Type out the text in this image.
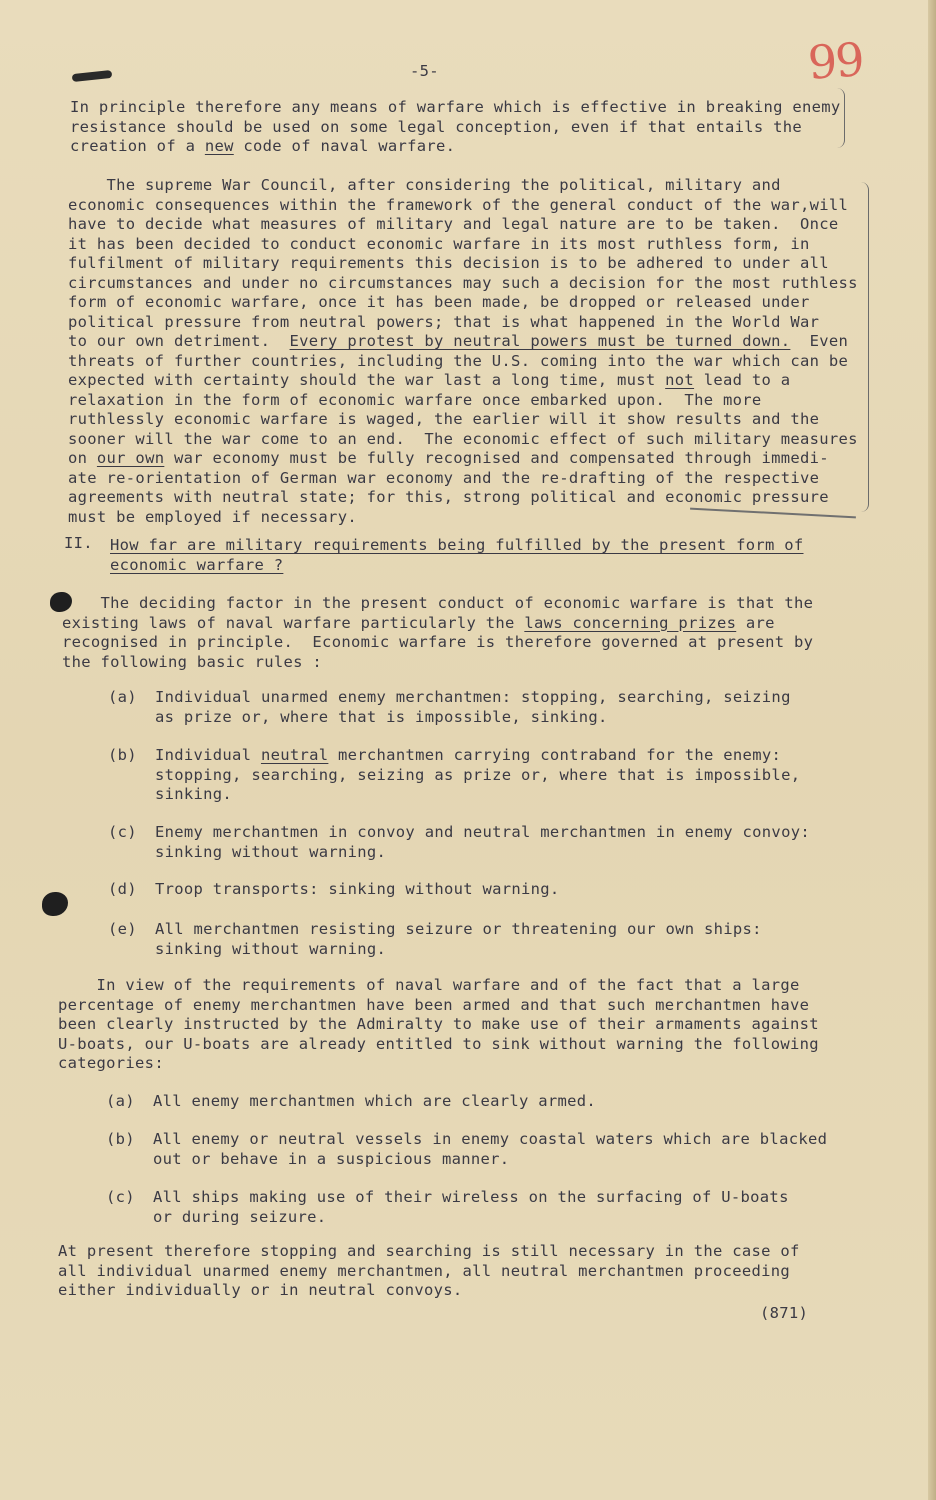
99
-5-
In principle therefore any means of warfare which is effective in breaking enemy
resistance should be used on some legal conception, even if that entails the
creation of a new code of naval warfare.
The supreme War Council, after considering the political, military and
economic consequences within the framework of the general conduct of the war,will
have to decide what measures of military and legal nature are to be taken.  Once
it has been decided to conduct economic warfare in its most ruthless form, in
fulfilment of military requirements this decision is to be adhered to under all
circumstances and under no circumstances may such a decision for the most ruthless
form of economic warfare, once it has been made, be dropped or released under
political pressure from neutral powers; that is what happened in the World War
to our own detriment.  Every protest by neutral powers must be turned down.  Even
threats of further countries, including the U.S. coming into the war which can be
expected with certainty should the war last a long time, must not lead to a
relaxation in the form of economic warfare once embarked upon.  The more
ruthlessly economic warfare is waged, the earlier will it show results and the
sooner will the war come to an end.  The economic effect of such military measures
on our own war economy must be fully recognised and compensated through immedi-
ate re-orientation of German war economy and the re-drafting of the respective
agreements with neutral state; for this, strong political and economic pressure
must be employed if necessary.
II. How far are military requirements being fulfilled by the present form of
economic warfare ?
The deciding factor in the present conduct of economic warfare is that the
existing laws of naval warfare particularly the laws concerning prizes are
recognised in principle.  Economic warfare is therefore governed at present by
the following basic rules :
(a) Individual unarmed enemy merchantmen: stopping, searching, seizing
as prize or, where that is impossible, sinking.
(b) Individual neutral merchantmen carrying contraband for the enemy:
stopping, searching, seizing as prize or, where that is impossible,
sinking.
(c) Enemy merchantmen in convoy and neutral merchantmen in enemy convoy:
sinking without warning.
(d) Troop transports: sinking without warning.
(e) All merchantmen resisting seizure or threatening our own ships:
sinking without warning.
In view of the requirements of naval warfare and of the fact that a large
percentage of enemy merchantmen have been armed and that such merchantmen have
been clearly instructed by the Admiralty to make use of their armaments against
U-boats, our U-boats are already entitled to sink without warning the following
categories:
(a) All enemy merchantmen which are clearly armed.
(b) All enemy or neutral vessels in enemy coastal waters which are blacked
out or behave in a suspicious manner.
(c) All ships making use of their wireless on the surfacing of U-boats
or during seizure.
At present therefore stopping and searching is still necessary in the case of
all individual unarmed enemy merchantmen, all neutral merchantmen proceeding
either individually or in neutral convoys.
(871)
